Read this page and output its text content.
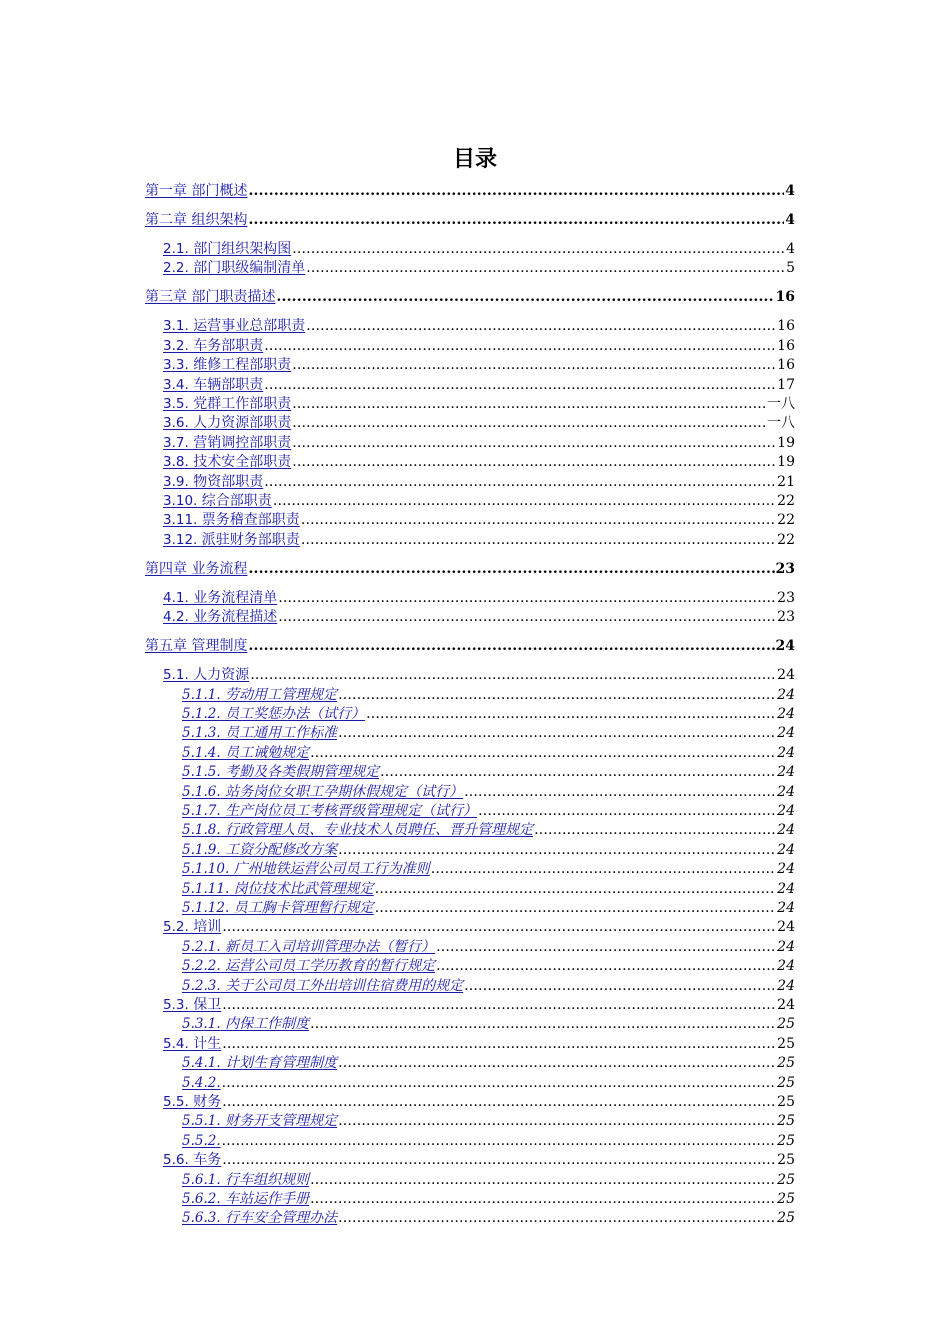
目录
第一章 部门概述 .....	4
第二章 组织架构 .....	4
2.1. 部门组织架构图 .....	4
2.2. 部门职级编制清单 .....	5
第三章 部门职责描述 .....	16
3.1. 运营事业总部职责 .....	16
3.2. 车务部职责 .....	16
3.3. 维修工程部职责 .....	16
3.4. 车辆部职责 .....	17
3.5. 党群工作部职责 .....	一八
3.6. 人力资源部职责 .....	一八
3.7. 营销调控部职责 .....	19
3.8. 技术安全部职责 .....	19
3.9. 物资部职责 .....	21
3.10. 综合部职责 .....	22
3.11. 票务稽查部职责 .....	22
3.12. 派驻财务部职责 .....	22
第四章 业务流程 .....	23
4.1. 业务流程清单 .....	23
4.2. 业务流程描述 .....	23
第五章 管理制度 .....	24
5.1. 人力资源 .....	24
5.1.1. 劳动用工管理规定 .....	24
5.1.2. 员工奖惩办法（试行） .....	24
5.1.3. 员工通用工作标准 .....	24
5.1.4. 员工诫勉规定 .....	24
5.1.5. 考勤及各类假期管理规定 .....	24
5.1.6. 站务岗位女职工孕期休假规定（试行） .....	24
5.1.7. 生产岗位员工考核晋级管理规定（试行） .....	24
5.1.8. 行政管理人员、专业技术人员聘任、晋升管理规定 .....	24
5.1.9. 工资分配修改方案 .....	24
5.1.10. 广州地铁运营公司员工行为准则 .....	24
5.1.11. 岗位技术比武管理规定 .....	24
5.1.12. 员工胸卡管理暂行规定 .....	24
5.2. 培训 .....	24
5.2.1. 新员工入司培训管理办法（暂行） .....	24
5.2.2. 运营公司员工学历教育的暂行规定 .....	24
5.2.3. 关于公司员工外出培训住宿费用的规定 .....	24
5.3. 保卫 .....	24
5.3.1. 内保工作制度 .....	25
5.4. 计生 .....	25
5.4.1. 计划生育管理制度 .....	25
5.4.2. .....	25
5.5. 财务 .....	25
5.5.1. 财务开支管理规定 .....	25
5.5.2. .....	25
5.6. 车务 .....	25
5.6.1. 行车组织规则 .....	25
5.6.2. 车站运作手册 .....	25
5.6.3. 行车安全管理办法 .....	25
